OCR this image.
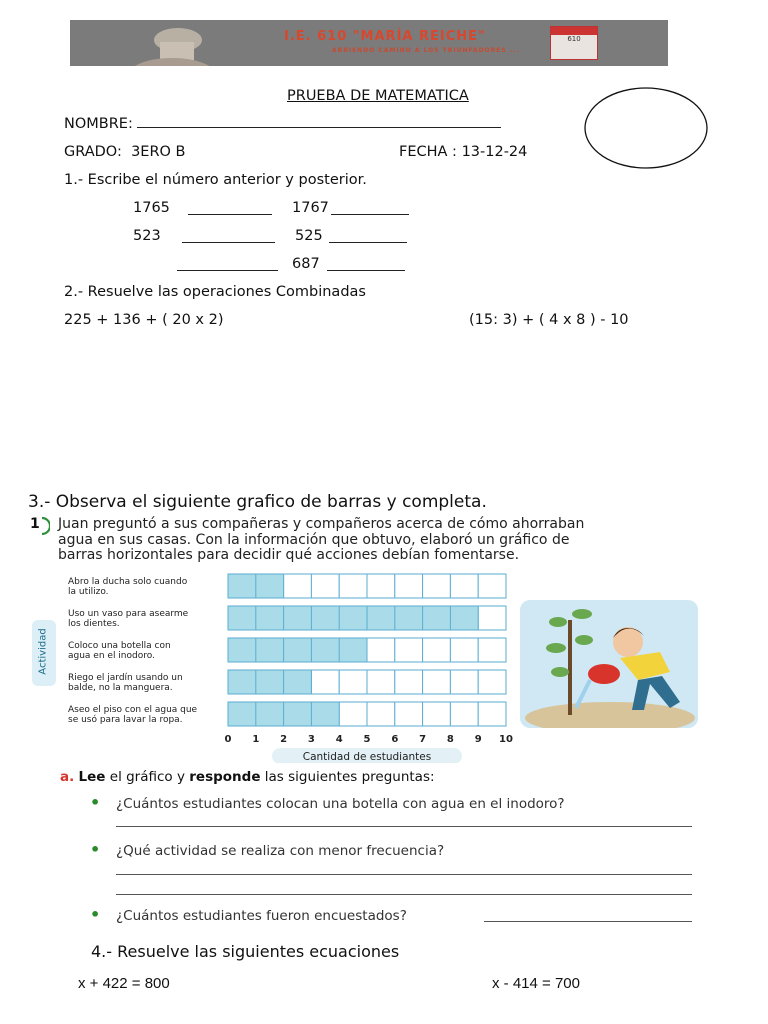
I.E. 610 "MARÍA REICHE"
ABRIENDO CAMINO A LOS TRIUNFADORES ...
610
PRUEBA DE MATEMATICA
NOMBRE:
GRADO: 3ERO B	FECHA : 13-12-24
1.- Escribe el número anterior y posterior.
1765	1767
523	525
687
2.- Resuelve las operaciones Combinadas
225 + 136 + ( 20 x 2)	(15: 3) + ( 4 x 8 ) - 10
3.- Observa el siguiente grafico de barras y completa.
1 Juan preguntó a sus compañeras y compañeros acerca de cómo ahorraban
agua en sus casas. Con la información que obtuvo, elaboró un gráfico de
barras horizontales para decidir qué acciones debían fomentarse.
Actividad
Abro la ducha solo cuando
la utilizo.
Uso un vaso para asearme
los dientes.
Coloco una botella con
agua en el inodoro.
Riego el jardín usando un
balde, no la manguera.
Aseo el piso con el agua que
se usó para lavar la ropa.
0 1 2 3 4 5 6 7 8 9 10
Cantidad de estudiantes
a. Lee el gráfico y responde las siguientes preguntas:
• ¿Cuántos estudiantes colocan una botella con agua en el inodoro?
• ¿Qué actividad se realiza con menor frecuencia?
• ¿Cuántos estudiantes fueron encuestados?
4.- Resuelve las siguientes ecuaciones
x + 422 = 800	x - 414 = 700
